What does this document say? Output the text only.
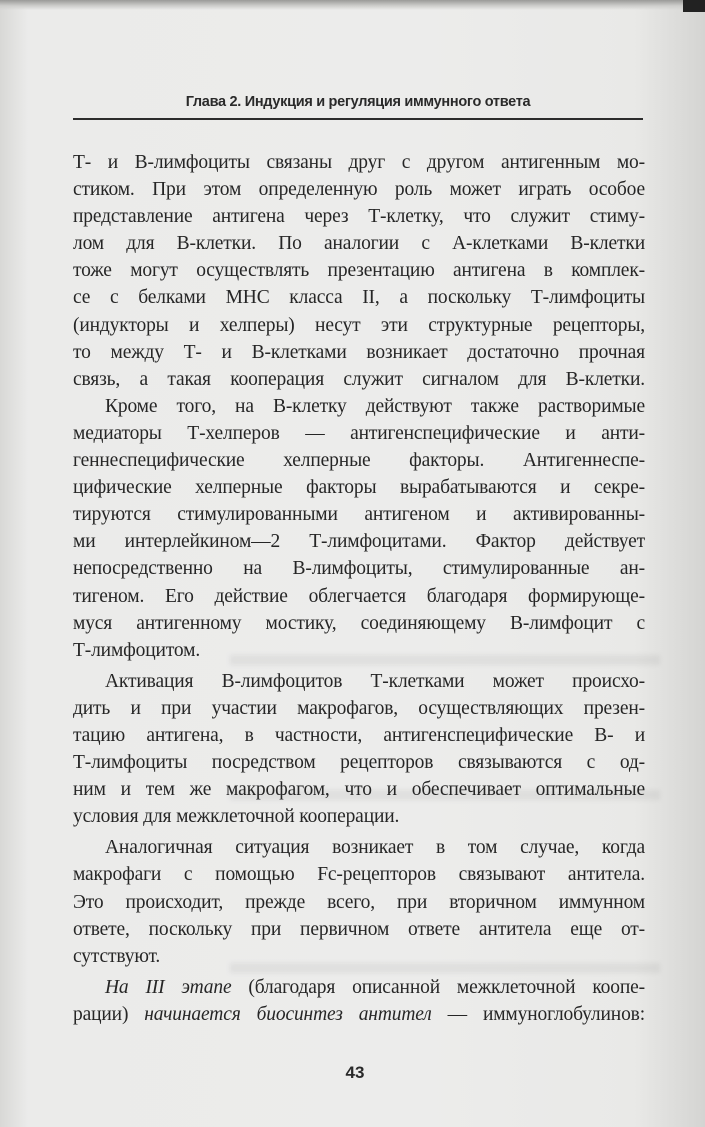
Глава 2. Индукция и регуляция иммунного ответа
Т- и В-лимфоциты связаны друг с другом антигенным мо-
стиком. При этом определенную роль может играть особое
представление антигена через Т-клетку, что служит стиму-
лом для В-клетки. По аналогии с А-клетками В-клетки
тоже могут осуществлять презентацию антигена в комплек-
се с белками МНС класса II, а поскольку Т-лимфоциты
(индукторы и хелперы) несут эти структурные рецепторы,
то между Т- и В-клетками возникает достаточно прочная
связь, а такая кооперация служит сигналом для В-клетки.
Кроме того, на В-клетку действуют также растворимые
медиаторы Т-хелперов — антигенспецифические и анти-
геннеспецифические хелперные факторы. Антигеннеспе-
цифические хелперные факторы вырабатываются и секре-
тируются стимулированными антигеном и активированны-
ми интерлейкином—2 Т-лимфоцитами. Фактор действует
непосредственно на В-лимфоциты, стимулированные ан-
тигеном. Его действие облегчается благодаря формирующе-
муся антигенному мостику, соединяющему В-лимфоцит с
Т-лимфоцитом.
Активация В-лимфоцитов Т-клетками может происхо-
дить и при участии макрофагов, осуществляющих презен-
тацию антигена, в частности, антигенспецифические В- и
Т-лимфоциты посредством рецепторов связываются с од-
ним и тем же макрофагом, что и обеспечивает оптимальные
условия для межклеточной кооперации.
Аналогичная ситуация возникает в том случае, когда
макрофаги с помощью Fc-рецепторов связывают антитела.
Это происходит, прежде всего, при вторичном иммунном
ответе, поскольку при первичном ответе антитела еще от-
сутствуют.
На III этапе (благодаря описанной межклеточной коопе-
рации) начинается биосинтез антител — иммуноглобулинов:
43
